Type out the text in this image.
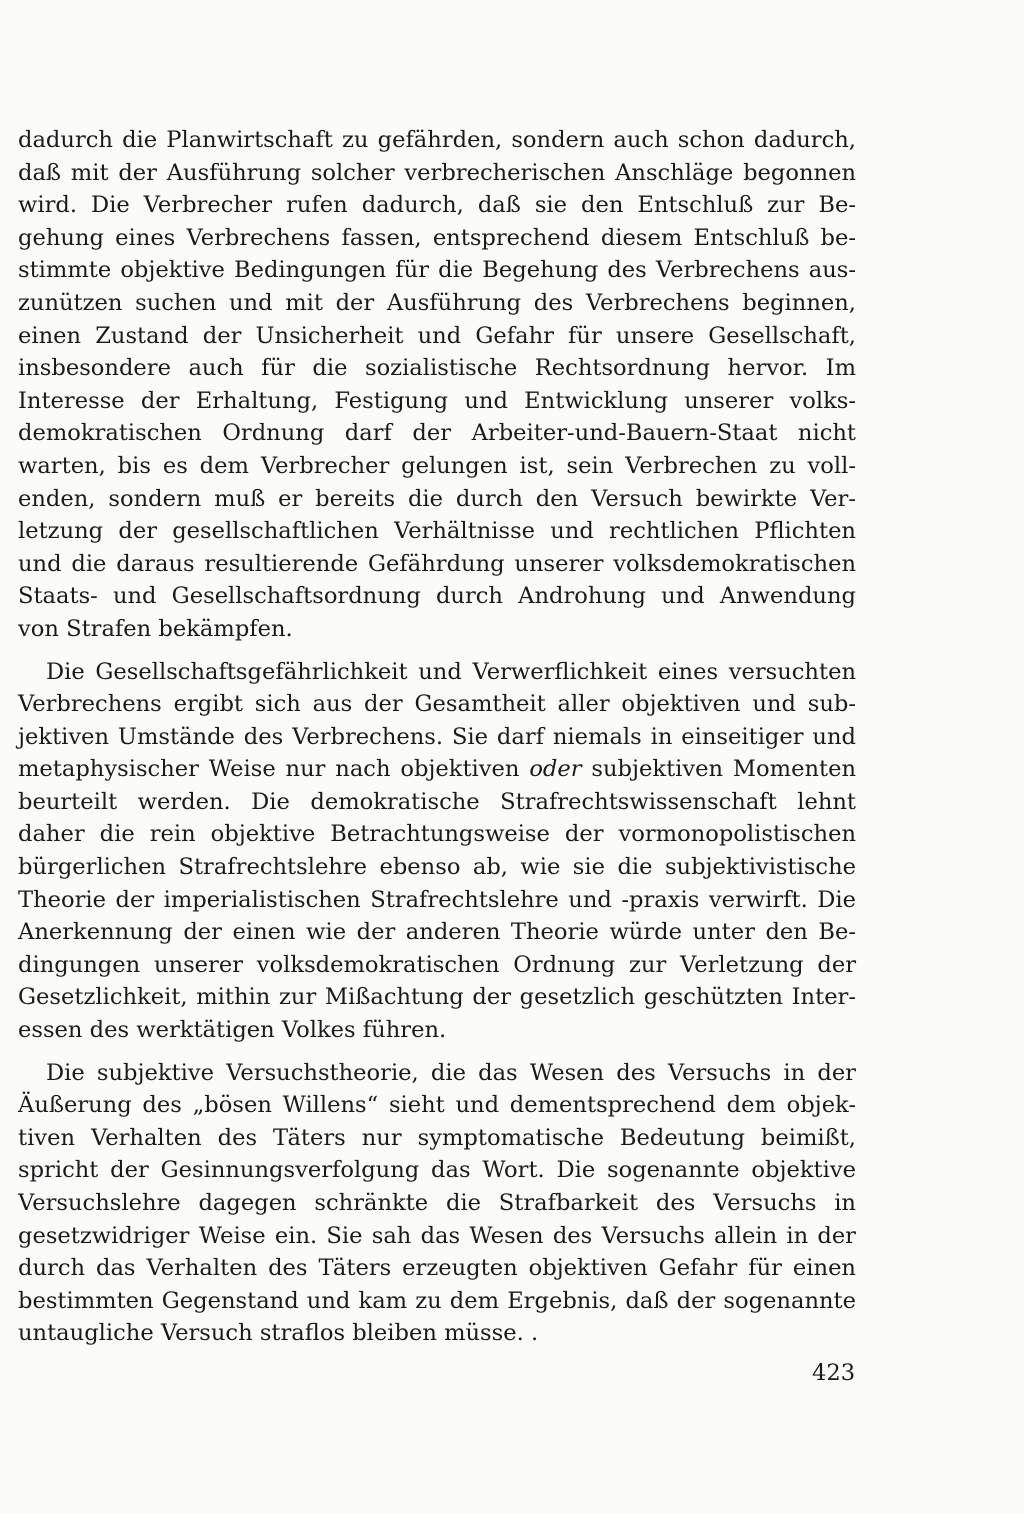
dadurch die Planwirtschaft zu gefährden, sondern auch schon dadurch,
daß mit der Ausführung solcher verbrecherischen Anschläge begonnen
wird. Die Verbrecher rufen dadurch, daß sie den Entschluß zur Be-
gehung eines Verbrechens fassen, entsprechend diesem Entschluß be-
stimmte objektive Bedingungen für die Begehung des Verbrechens aus-
zunützen suchen und mit der Ausführung des Verbrechens beginnen,
einen Zustand der Unsicherheit und Gefahr für unsere Gesellschaft,
insbesondere auch für die sozialistische Rechtsordnung hervor. Im
Interesse der Erhaltung, Festigung und Entwicklung unserer volks-
demokratischen Ordnung darf der Arbeiter-und-Bauern-Staat nicht
warten, bis es dem Verbrecher gelungen ist, sein Verbrechen zu voll-
enden, sondern muß er bereits die durch den Versuch bewirkte Ver-
letzung der gesellschaftlichen Verhältnisse und rechtlichen Pflichten
und die daraus resultierende Gefährdung unserer volksdemokratischen
Staats- und Gesellschaftsordnung durch Androhung und Anwendung
von Strafen bekämpfen.
Die Gesellschaftsgefährlichkeit und Verwerflichkeit eines versuchten
Verbrechens ergibt sich aus der Gesamtheit aller objektiven und sub-
jektiven Umstände des Verbrechens. Sie darf niemals in einseitiger und
metaphysischer Weise nur nach objektiven oder subjektiven Momenten
beurteilt werden. Die demokratische Strafrechtswissenschaft lehnt
daher die rein objektive Betrachtungsweise der vormonopolistischen
bürgerlichen Strafrechtslehre ebenso ab, wie sie die subjektivistische
Theorie der imperialistischen Strafrechtslehre und -praxis verwirft. Die
Anerkennung der einen wie der anderen Theorie würde unter den Be-
dingungen unserer volksdemokratischen Ordnung zur Verletzung der
Gesetzlichkeit, mithin zur Mißachtung der gesetzlich geschützten Inter-
essen des werktätigen Volkes führen.
Die subjektive Versuchstheorie, die das Wesen des Versuchs in der
Äußerung des „bösen Willens“ sieht und dementsprechend dem objek-
tiven Verhalten des Täters nur symptomatische Bedeutung beimißt,
spricht der Gesinnungsverfolgung das Wort. Die sogenannte objektive
Versuchslehre dagegen schränkte die Strafbarkeit des Versuchs in
gesetzwidriger Weise ein. Sie sah das Wesen des Versuchs allein in der
durch das Verhalten des Täters erzeugten objektiven Gefahr für einen
bestimmten Gegenstand und kam zu dem Ergebnis, daß der sogenannte
untaugliche Versuch straflos bleiben müsse. .
423
